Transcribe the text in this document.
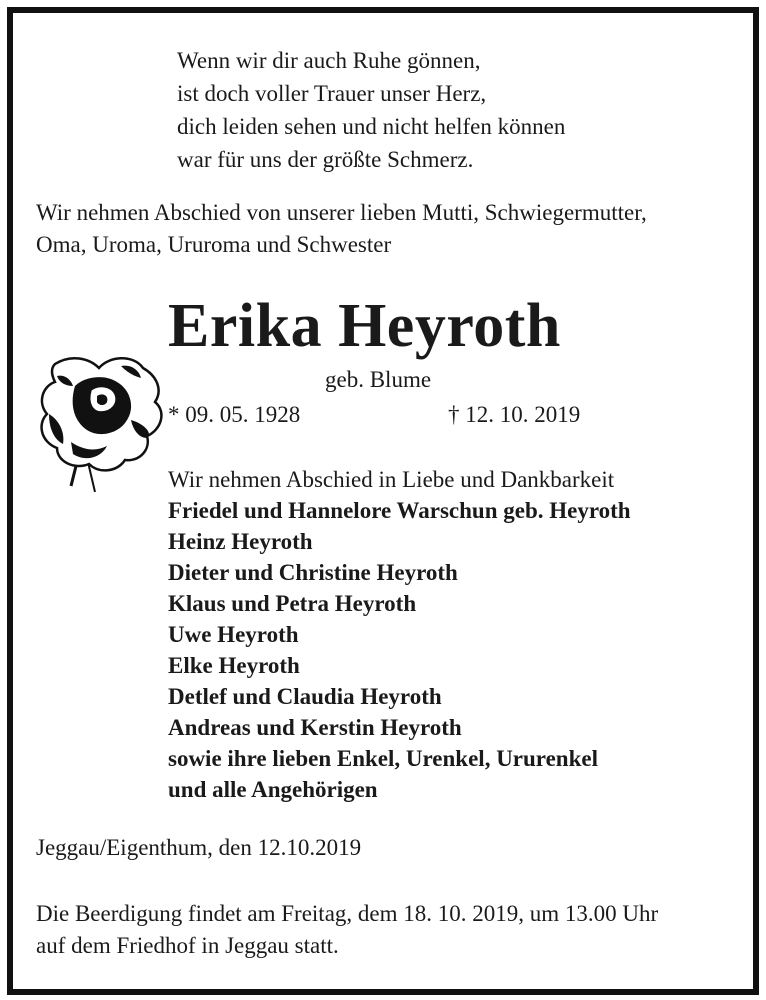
Wenn wir dir auch Ruhe gönnen,
ist doch voller Trauer unser Herz,
dich leiden sehen und nicht helfen können
war für uns der größte Schmerz.
Wir nehmen Abschied von unserer lieben Mutti, Schwiegermutter,
Oma, Uroma, Ururoma und Schwester
Erika Heyroth
geb. Blume
* 09. 05. 1928	† 12. 10. 2019
Wir nehmen Abschied in Liebe und Dankbarkeit
Friedel und Hannelore Warschun geb. Heyroth
Heinz Heyroth
Dieter und Christine Heyroth
Klaus und Petra Heyroth
Uwe Heyroth
Elke Heyroth
Detlef und Claudia Heyroth
Andreas und Kerstin Heyroth
sowie ihre lieben Enkel, Urenkel, Ururenkel
und alle Angehörigen
Jeggau/Eigenthum, den 12.10.2019
Die Beerdigung findet am Freitag, dem 18. 10. 2019, um 13.00 Uhr
auf dem Friedhof in Jeggau statt.
